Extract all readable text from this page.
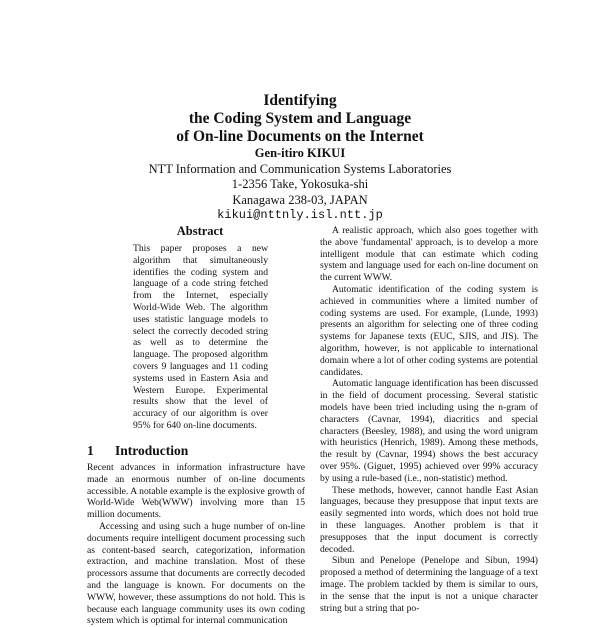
Identifying
the Coding System and Language
of On-line Documents on the Internet
Gen-itiro KIKUI
NTT Information and Communication Systems Laboratories
1-2356 Take, Yokosuka-shi
Kanagawa 238-03, JAPAN
kikui@nttnly.isl.ntt.jp
Abstract
This paper proposes a new algorithm that simultaneously identifies the coding system and language of a code string fetched from the Internet, especially World-Wide Web. The algorithm uses statistic language models to select the correctly decoded string as well as to determine the language. The proposed algorithm covers 9 languages and 11 coding systems used in Eastern Asia and Western Europe. Experimental results show that the level of accuracy of our algorithm is over 95% for 640 on-line documents.
1 Introduction

Recent advances in information infrastructure have made an enormous number of on-line documents accessible. A notable example is the explosive growth of World-Wide Web(WWW) involving more than 15 million documents.

Accessing and using such a huge number of on-line documents require intelligent document processing such as content-based search, categorization, information extraction, and machine translation. Most of these processors assume that documents are correctly decoded and the language is known. For documents on the WWW, however, these assumptions do not hold. This is because each language community uses its own coding system which is optimal for internal communication

A realistic approach, which also goes together with the above 'fundamental' approach, is to develop a more intelligent module that can estimate which coding system and language used for each on-line document on the current WWW.

Automatic identification of the coding system is achieved in communities where a limited number of coding systems are used. For example, (Lunde, 1993) presents an algorithm for selecting one of three coding systems for Japanese texts (EUC, SJIS, and JIS). The algorithm, however, is not applicable to international domain where a lot of other coding systems are potential candidates.

Automatic language identification has been discussed in the field of document processing. Several statistic models have been tried including using the n-gram of characters (Cavnar, 1994), diacritics and special characters (Beesley, 1988), and using the word unigram with heuristics (Henrich, 1989). Among these methods, the result by (Cavnar, 1994) shows the best accuracy over 95%. (Giguet, 1995) achieved over 99% accuracy by using a rule-based (i.e., non-statistic) method.

These methods, however, cannot handle East Asian languages, because they presuppose that input texts are easily segmented into words, which does not hold true in these languages. Another problem is that it presupposes that the input document is correctly decoded.

Sibun and Penelope (Penelope and Sibun, 1994) proposed a method of determining the language of a text image. The problem tackled by them is similar to ours, in the sense that the input is not a unique character string but a string that po-
